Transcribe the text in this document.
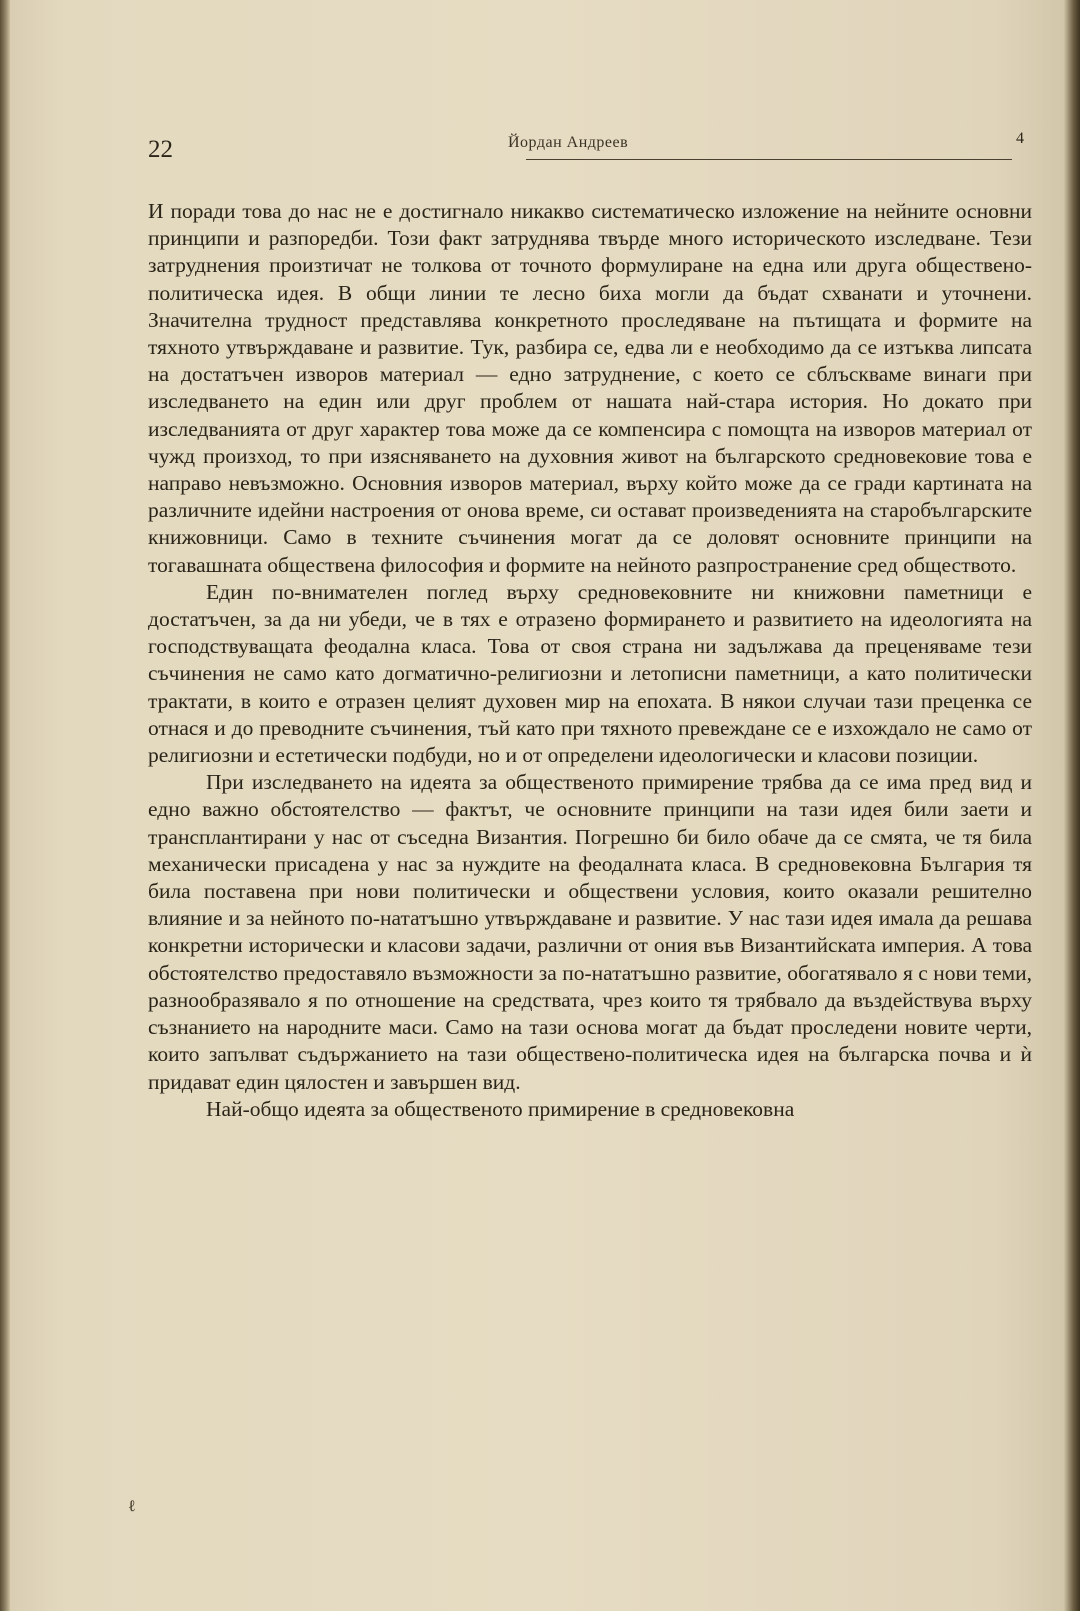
22	Йордан Андреев	4

И поради това до нас не е достигнало никакво систематическо изложение на нейните основни принципи и разпоредби. Този факт затруднява твърде много историческото изследване. Тези затруднения произтичат не толкова от точното формулиране на една или друга обществено-политическа идея. В общи линии те лесно биха могли да бъдат схванати и уточнени. Значителна трудност представлява конкретното проследяване на пътищата и формите на тяхното утвърждаване и развитие. Тук, разбира се, едва ли е необходимо да се изтъква липсата на достатъчен изворов материал — едно затруднение, с което се сблъскваме винаги при изследването на един или друг проблем от нашата най-стара история. Но докато при изследванията от друг характер това може да се компенсира с помощта на изворов материал от чужд произход, то при изясняването на духовния живот на българското средновековие това е направо невъзможно. Основния изворов материал, върху който може да се гради картината на различните идейни настроения от онова време, си остават произведенията на старобългарските книжовници. Само в техните съчинения могат да се доловят основните принципи на тогавашната обществена философия и формите на нейното разпространение сред обществото.

Един по-внимателен поглед върху средновековните ни книжовни паметници е достатъчен, за да ни убеди, че в тях е отразено формирането и развитието на идеологията на господствуващата феодална класа. Това от своя страна ни задължава да преценяваме тези съчинения не само като догматично-религиозни и летописни паметници, а като политически трактати, в които е отразен целият духовен мир на епохата. В някои случаи тази преценка се отнася и до преводните съчинения, тъй като при тяхното превеждане се е изхождало не само от религиозни и естетически подбуди, но и от определени идеологически и класови позиции.

При изследването на идеята за общественото примирение трябва да се има пред вид и едно важно обстоятелство — фактът, че основните принципи на тази идея били заети и трансплантирани у нас от съседна Византия. Погрешно би било обаче да се смята, че тя била механически присадена у нас за нуждите на феодалната класа. В средновековна България тя била поставена при нови политически и обществени условия, които оказали решително влияние и за нейното по-нататъшно утвърждаване и развитие. У нас тази идея имала да решава конкретни исторически и класови задачи, различни от ония във Византийската империя. А това обстоятелство предоставяло възможности за по-нататъшно развитие, обогатявало я с нови теми, разнообразявало я по отношение на средствата, чрез които тя трябвало да въздействува върху съзнанието на народните маси. Само на тази основа могат да бъдат проследени новите черти, които запълват съдържанието на тази обществено-политическа идея на българска почва и ѝ придават един цялостен и завършен вид.

Най-общо идеята за общественото примирение в средновековна

ℓ
